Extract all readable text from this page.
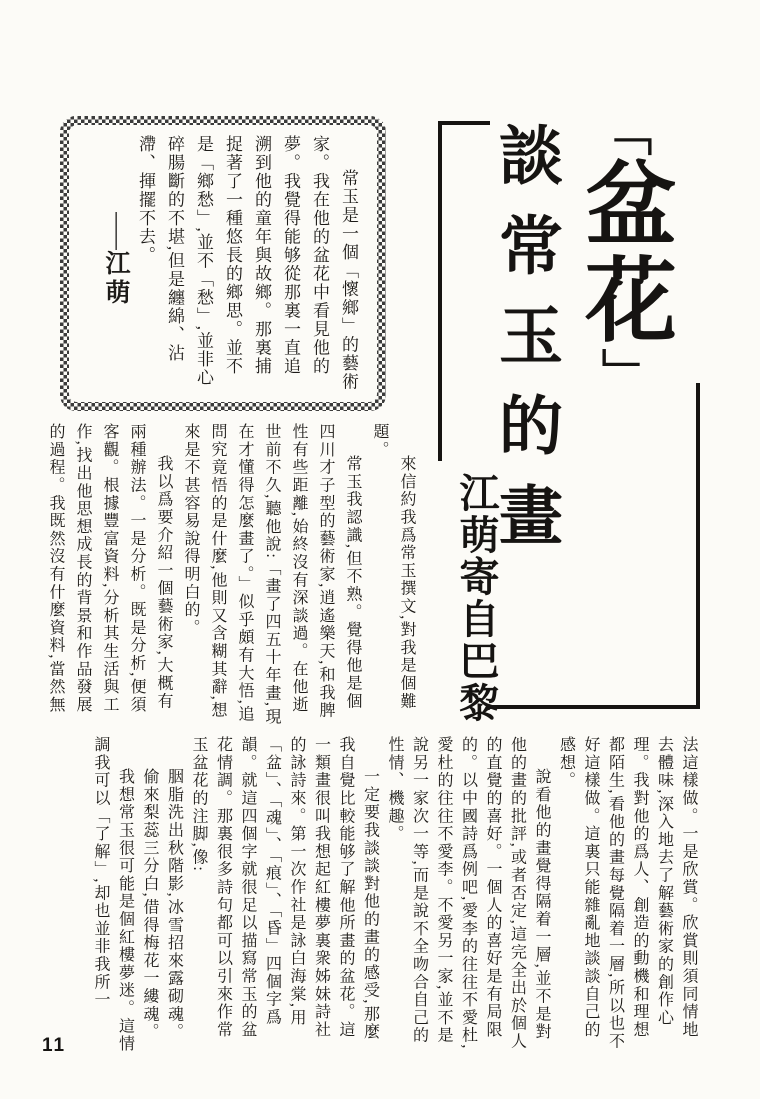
常玉是一個「懷鄉」的藝術家。我在他的盆花中看見他的夢。我覺得能够從那裏一直追溯到他的童年與故鄉。那裏捕捉著了一種悠長的鄉思。並不是「鄉愁」,並不「愁」,並非心碎腸斷的不堪,但是纏綿、沾滯、揮擺不去。

——江萌

「盆花」
談常玉的畫
江萌寄自巴黎

來信約我爲常玉撰文,對我是個難題。

常玉我認識,但不熟。覺得他是個四川才子型的藝術家,逍遙樂天,和我脾性有些距離,始終沒有深談過。在他逝世前不久,聽他說:「畫了四五十年畫,現在才懂得怎麼畫了。」似乎頗有大悟,追問究竟悟的是什麼,他則又含糊其辭,想來是不甚容易說得明白的。

我以爲要介紹一個藝術家,大概有兩種辦法。一是分析。既是分析,便須客觀。根據豐富資料,分析其生活與工作,找出他思想成長的背景和作品發展的過程。我既然沒有什麼資料,當然無

法這樣做。一是欣賞。欣賞則須同情地去體味,深入地去了解藝術家的創作心理。我對他的爲人、創造的動機和理想都陌生,看他的畫每覺隔着一層,所以也不好這樣做。這裏只能雜亂地談談自己的感想。

說看他的畫覺得隔着一層,並不是對他的畫的批評,或者否定,這完全出於個人的直覺的喜好。一個人的喜好是有局限的。以中國詩爲例吧,愛李的往往不愛杜,愛杜的往往不愛李。不愛另一家,並不是說另一家次一等,而是說不全吻合自己的性情、機趣。

一定要我談談對他的畫的感受,那麼我自覺比較能够了解他所畫的盆花。這一類畫很叫我想起紅樓夢裏衆姊妹詩社的詠詩來。第一次作社是詠白海棠,用「盆」、「魂」、「痕」、「昏」四個字爲韻。就這四個字就很足以描寫常玉的盆花情調。那裏很多詩句都可以引來作常玉盆花的注脚,像:

胭脂洗出秋階影,冰雪招來露砌魂。

偷來梨蕊三分白,借得梅花一縷魂。

我想常玉很可能是個紅樓夢迷。這情調我可以「了解」,却也並非我所一

11
